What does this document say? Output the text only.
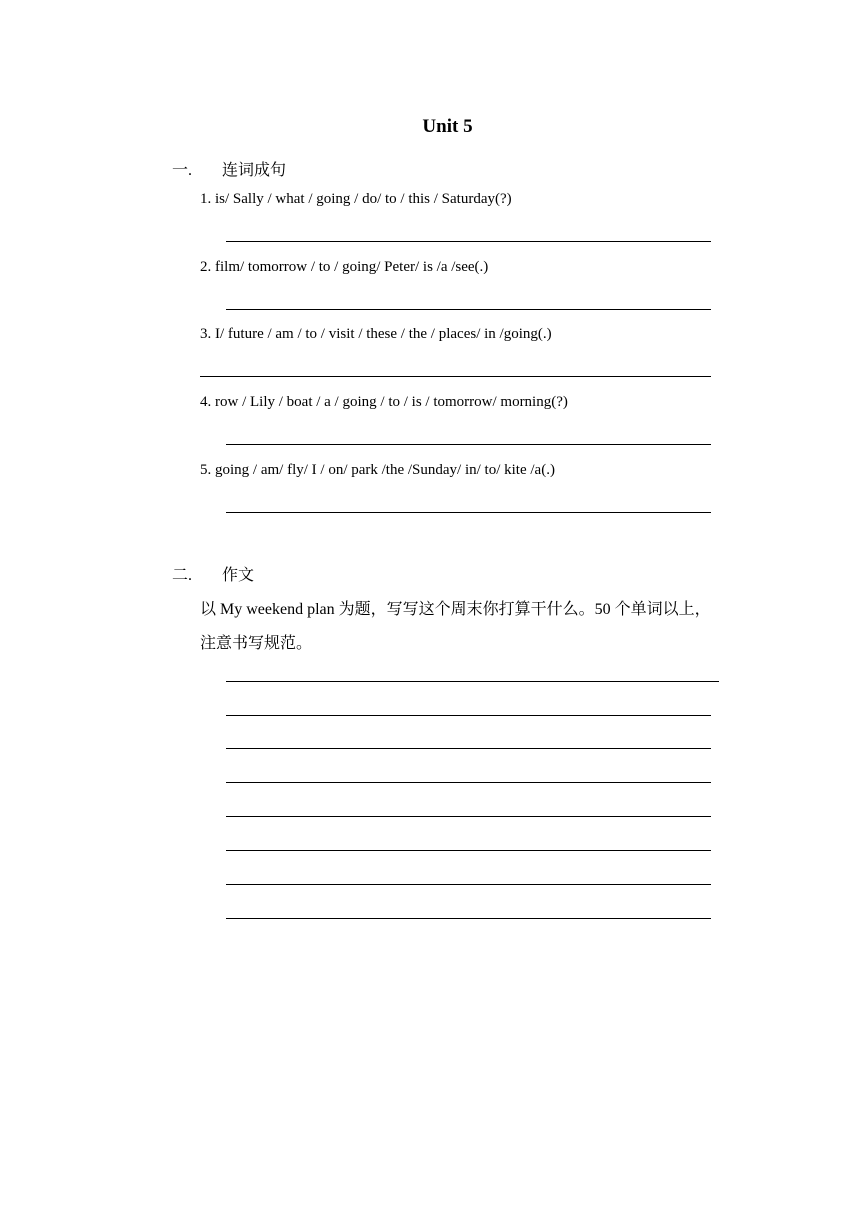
Unit 5
一. 连词成句
1. is/ Sally / what / going / do/ to / this / Saturday(?)
2. film/ tomorrow / to / going/ Peter/ is /a /see(.)
3. I/ future / am / to / visit / these / the / places/ in /going(.)
4. row / Lily / boat / a / going / to / is / tomorrow/ morning(?)
5. going / am/ fly/ I / on/ park /the /Sunday/ in/ to/ kite /a(.)
二. 作文
以 My weekend plan 为题，写写这个周末你打算干什么。50 个单词以上，
注意书写规范。
